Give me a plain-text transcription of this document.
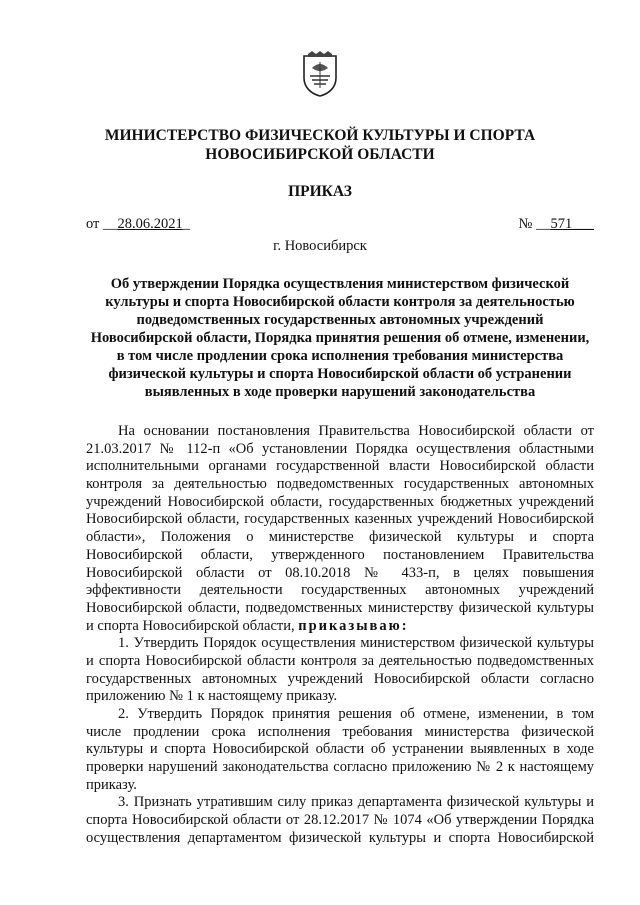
МИНИСТЕРСТВО ФИЗИЧЕСКОЙ КУЛЬТУРЫ И СПОРТА
НОВОСИБИРСКОЙ ОБЛАСТИ
ПРИКАЗ
от __28.06.2021_	№ __571___
г. Новосибирск
Об утверждении Порядка осуществления министерством физической
культуры и спорта Новосибирской области контроля за деятельностью
подведомственных государственных автономных учреждений
Новосибирской области, Порядка принятия решения об отмене, изменении,
в том числе продлении срока исполнения требования министерства
физической культуры и спорта Новосибирской области об устранении
выявленных в ходе проверки нарушений законодательства
На основании постановления Правительства Новосибирской области от
21.03.2017 № 112-п «Об установлении Порядка осуществления областными
исполнительными органами государственной власти Новосибирской области
контроля за деятельностью подведомственных государственных автономных
учреждений Новосибирской области, государственных бюджетных учреждений
Новосибирской области, государственных казенных учреждений Новосибирской
области», Положения о министерстве физической культуры и спорта
Новосибирской области, утвержденного постановлением Правительства
Новосибирской области от 08.10.2018 № 433-п, в целях повышения
эффективности деятельности государственных автономных учреждений
Новосибирской области, подведомственных министерству физической культуры
и спорта Новосибирской области, приказываю:
1. Утвердить Порядок осуществления министерством физической культуры
и спорта Новосибирской области контроля за деятельностью подведомственных
государственных автономных учреждений Новосибирской области согласно
приложению № 1 к настоящему приказу.
2. Утвердить Порядок принятия решения об отмене, изменении, в том
числе продлении срока исполнения требования министерства физической
культуры и спорта Новосибирской области об устранении выявленных в ходе
проверки нарушений законодательства согласно приложению № 2 к настоящему
приказу.
3. Признать утратившим силу приказ департамента физической культуры и
спорта Новосибирской области от 28.12.2017 № 1074 «Об утверждении Порядка
осуществления департаментом физической культуры и спорта Новосибирской
